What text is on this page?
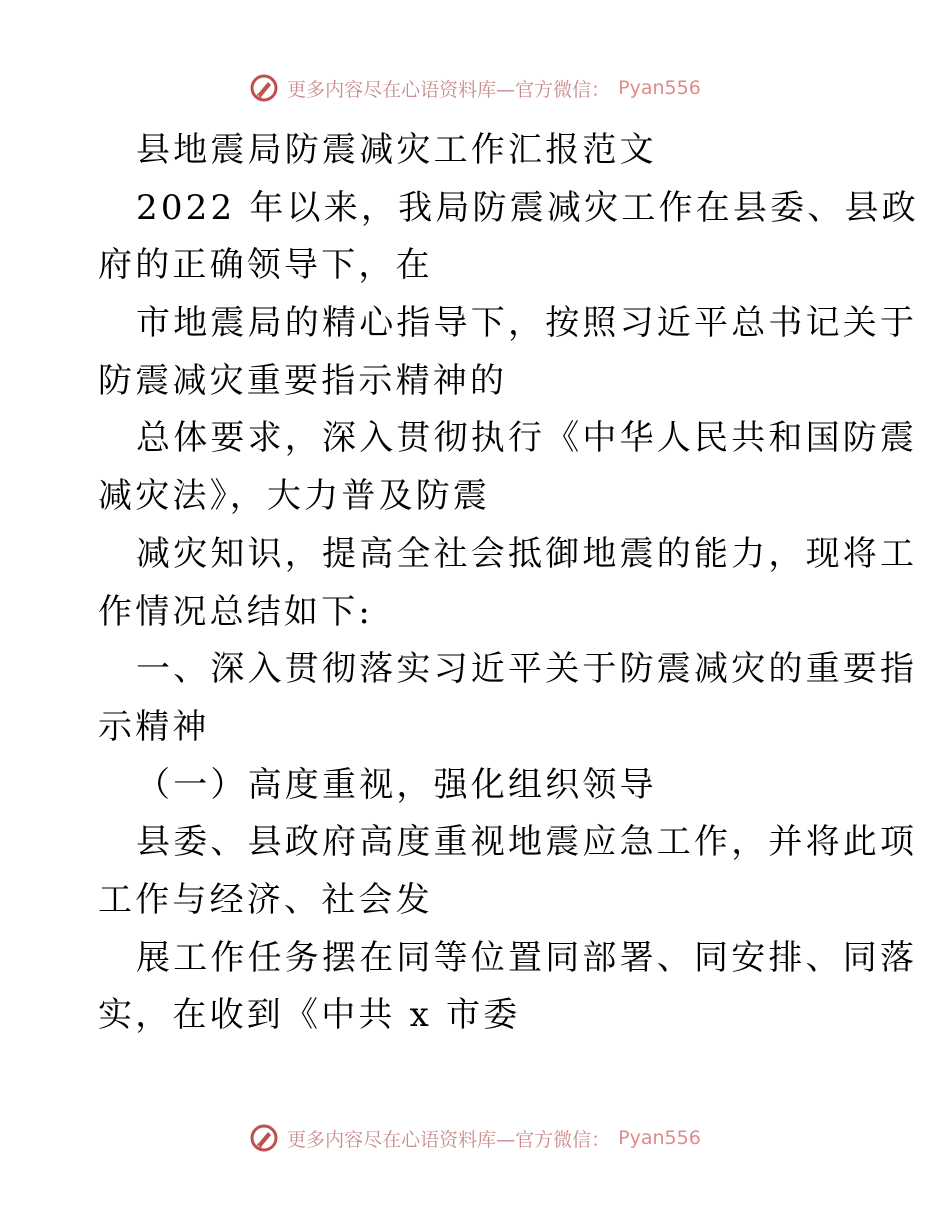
更多内容尽在心语资料库—官方微信： Pyan556
县地震局防震减灾工作汇报范文
2022 年以来，我局防震减灾工作在县委、县政
府的正确领导下，在
市地震局的精心指导下，按照习近平总书记关于
防震减灾重要指示精神的
总体要求，深入贯彻执行《中华人民共和国防震
减灾法》，大力普及防震
减灾知识，提高全社会抵御地震的能力，现将工
作情况总结如下:
一、深入贯彻落实习近平关于防震减灾的重要指
示精神
（一）高度重视，强化组织领导
县委、县政府高度重视地震应急工作，并将此项
工作与经济、社会发
展工作任务摆在同等位置同部署、同安排、同落
实，在收到《中共 x 市委
更多内容尽在心语资料库—官方微信： Pyan556
